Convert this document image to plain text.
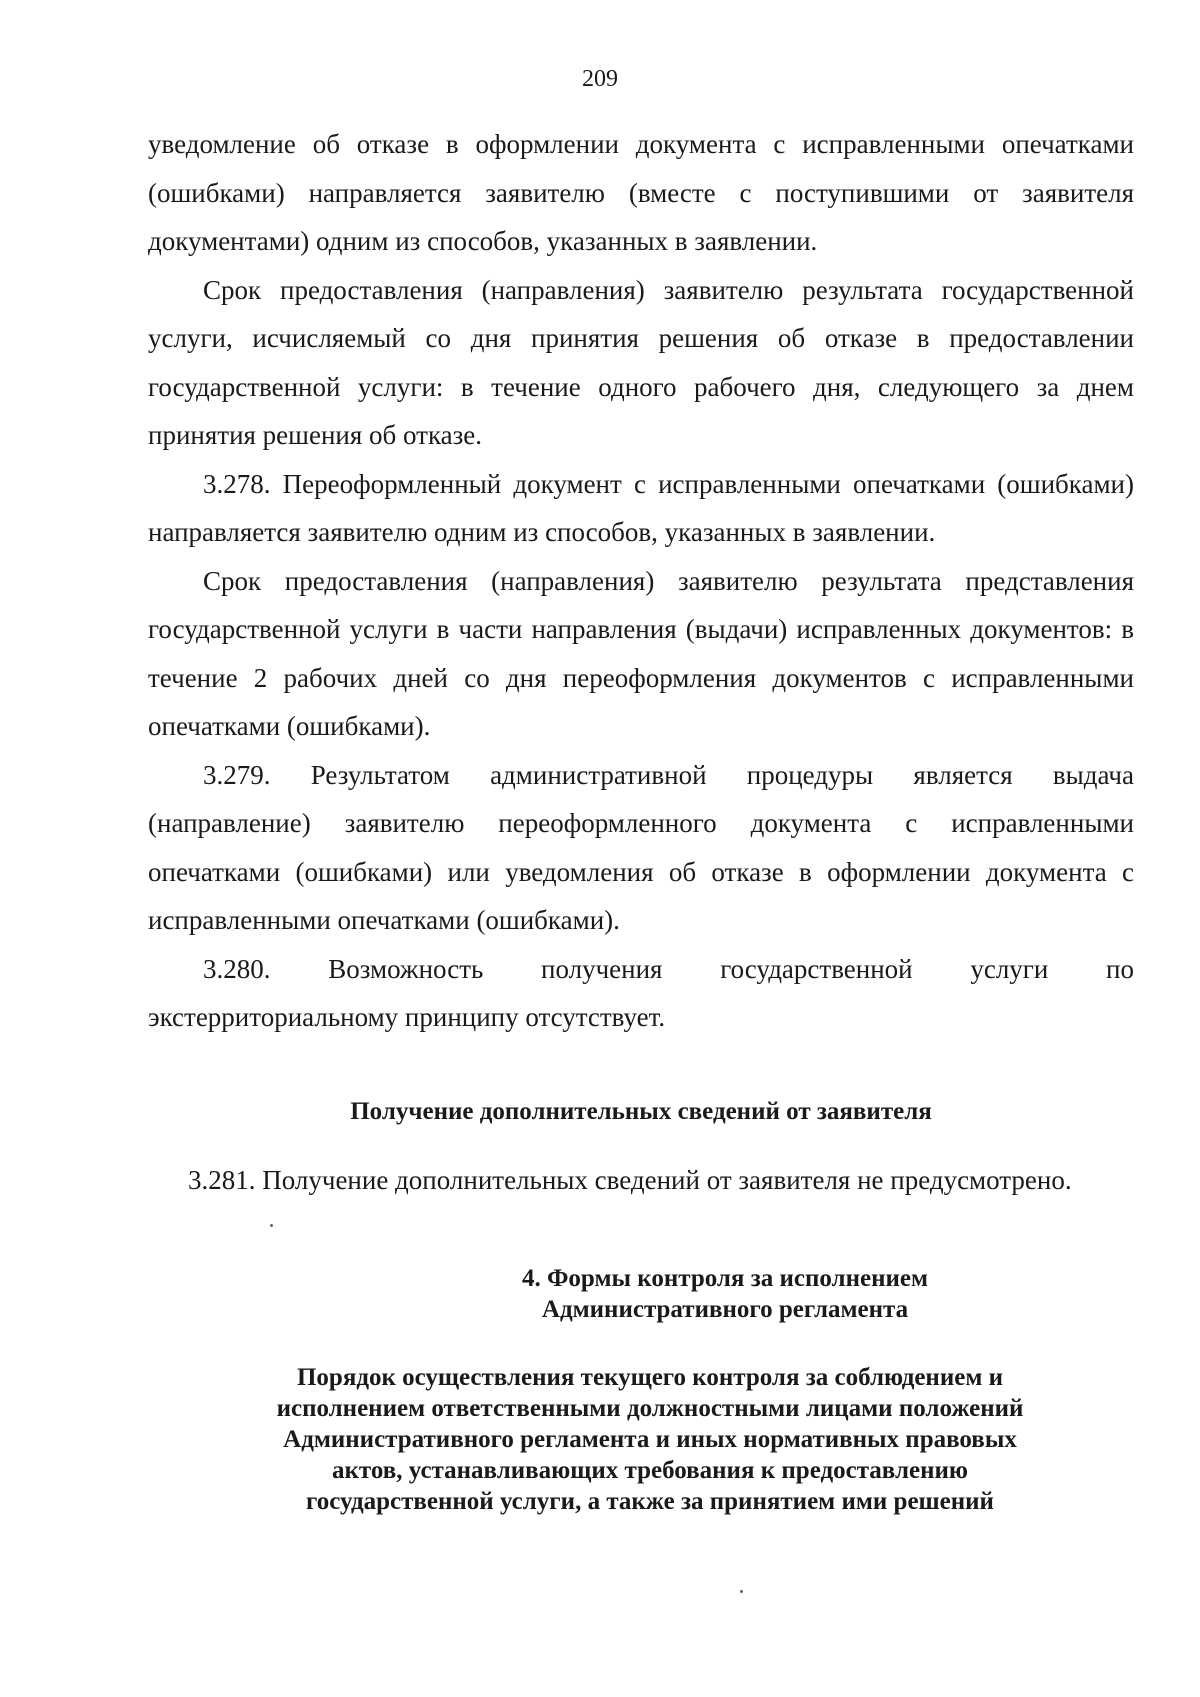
209

уведомление об отказе в оформлении документа с исправленными опечатками (ошибками) направляется заявителю (вместе с поступившими от заявителя документами) одним из способов, указанных в заявлении.

Срок предоставления (направления) заявителю результата государственной услуги, исчисляемый со дня принятия решения об отказе в предоставлении государственной услуги: в течение одного рабочего дня, следующего за днем принятия решения об отказе.

3.278. Переоформленный документ с исправленными опечатками (ошибками) направляется заявителю одним из способов, указанных в заявлении.

Срок предоставления (направления) заявителю результата представления государственной услуги в части направления (выдачи) исправленных документов: в течение 2 рабочих дней со дня переоформления документов с исправленными опечатками (ошибками).

3.279. Результатом административной процедуры является выдача (направление) заявителю переоформленного документа с исправленными опечатками (ошибками) или уведомления об отказе в оформлении документа с исправленными опечатками (ошибками).

3.280. Возможность получения государственной услуги по экстерриториальному принципу отсутствует.

Получение дополнительных сведений от заявителя
3.281. Получение дополнительных сведений от заявителя не предусмотрено.
4. Формы контроля за исполнением
Административного регламента
Порядок осуществления текущего контроля за соблюдением и
исполнением ответственными должностными лицами положений
Административного регламента и иных нормативных правовых
актов, устанавливающих требования к предоставлению
государственной услуги, а также за принятием ими решений
